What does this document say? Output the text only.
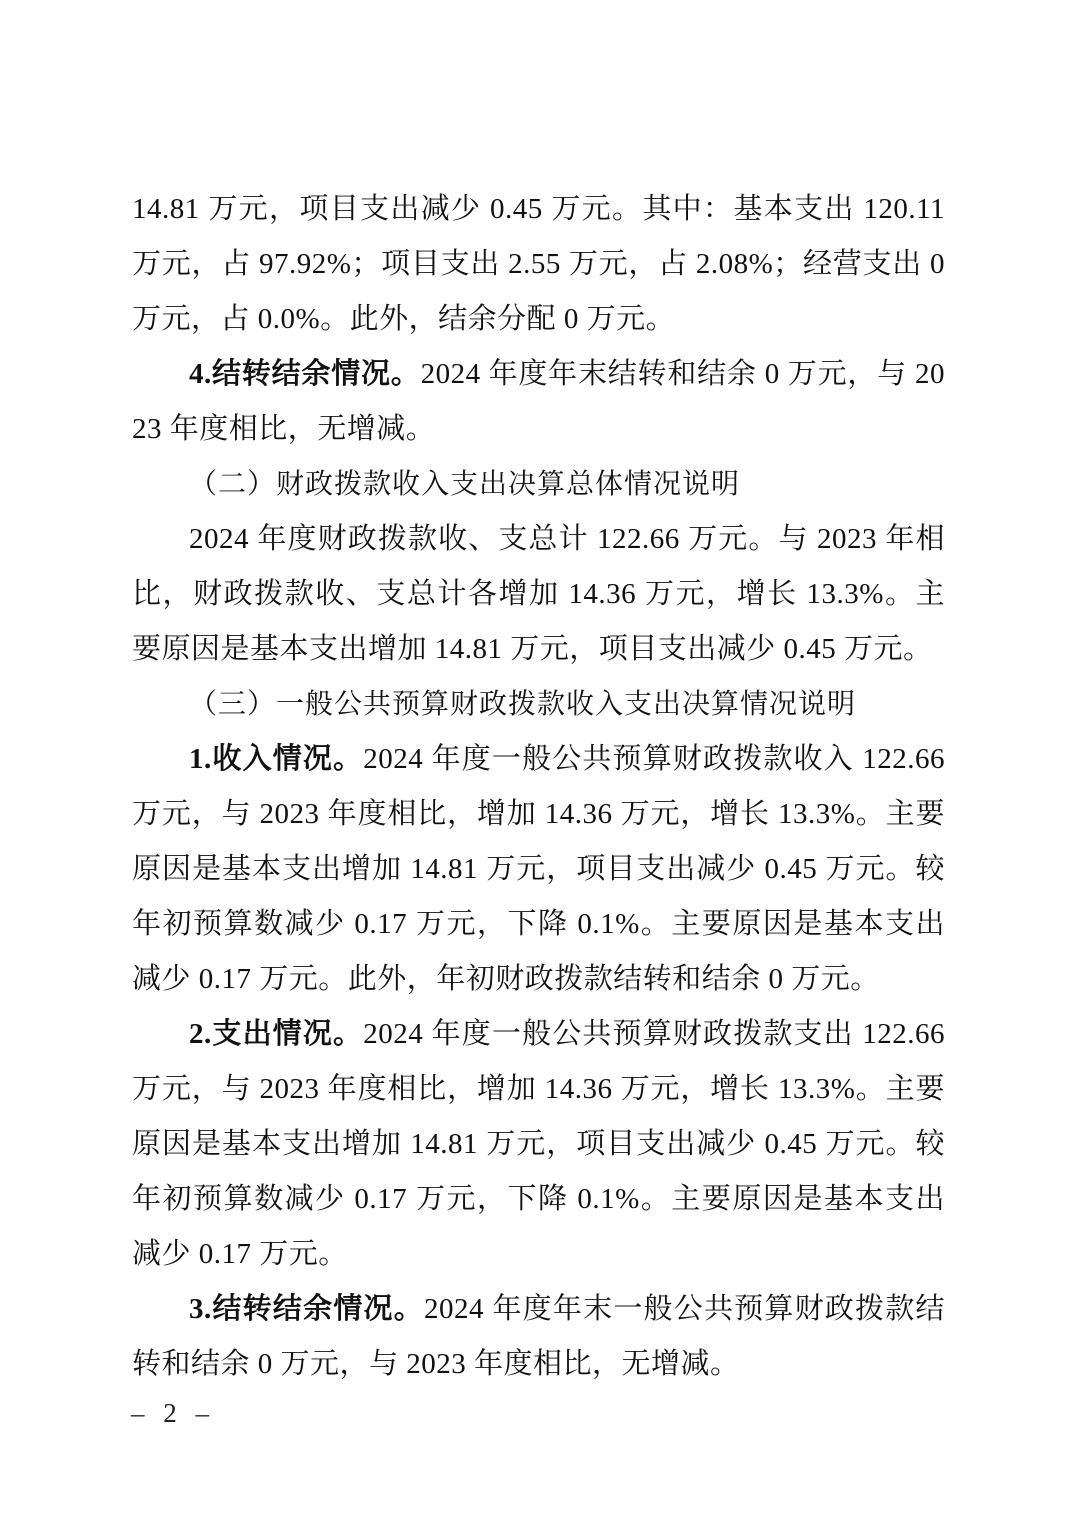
14.81 万元，项目支出减少 0.45 万元。其中：基本支出 120.11 万元，占 97.92%；项目支出 2.55 万元，占 2.08%；经营支出 0 万元，占 0.0%。此外，结余分配 0 万元。

4.结转结余情况。2024 年度年末结转和结余 0 万元，与 2023 年度相比，无增减。

（二）财政拨款收入支出决算总体情况说明

2024 年度财政拨款收、支总计 122.66 万元。与 2023 年相比，财政拨款收、支总计各增加 14.36 万元，增长 13.3%。主要原因是基本支出增加 14.81 万元，项目支出减少 0.45 万元。

（三）一般公共预算财政拨款收入支出决算情况说明

1.收入情况。2024 年度一般公共预算财政拨款收入 122.66 万元，与 2023 年度相比，增加 14.36 万元，增长 13.3%。主要原因是基本支出增加 14.81 万元，项目支出减少 0.45 万元。较年初预算数减少 0.17 万元，下降 0.1%。主要原因是基本支出减少 0.17 万元。此外，年初财政拨款结转和结余 0 万元。

2.支出情况。2024 年度一般公共预算财政拨款支出 122.66 万元，与 2023 年度相比，增加 14.36 万元，增长 13.3%。主要原因是基本支出增加 14.81 万元，项目支出减少 0.45 万元。较年初预算数减少 0.17 万元，下降 0.1%。主要原因是基本支出减少 0.17 万元。

3.结转结余情况。2024 年度年末一般公共预算财政拨款结转和结余 0 万元，与 2023 年度相比，无增减。

– 2 –
